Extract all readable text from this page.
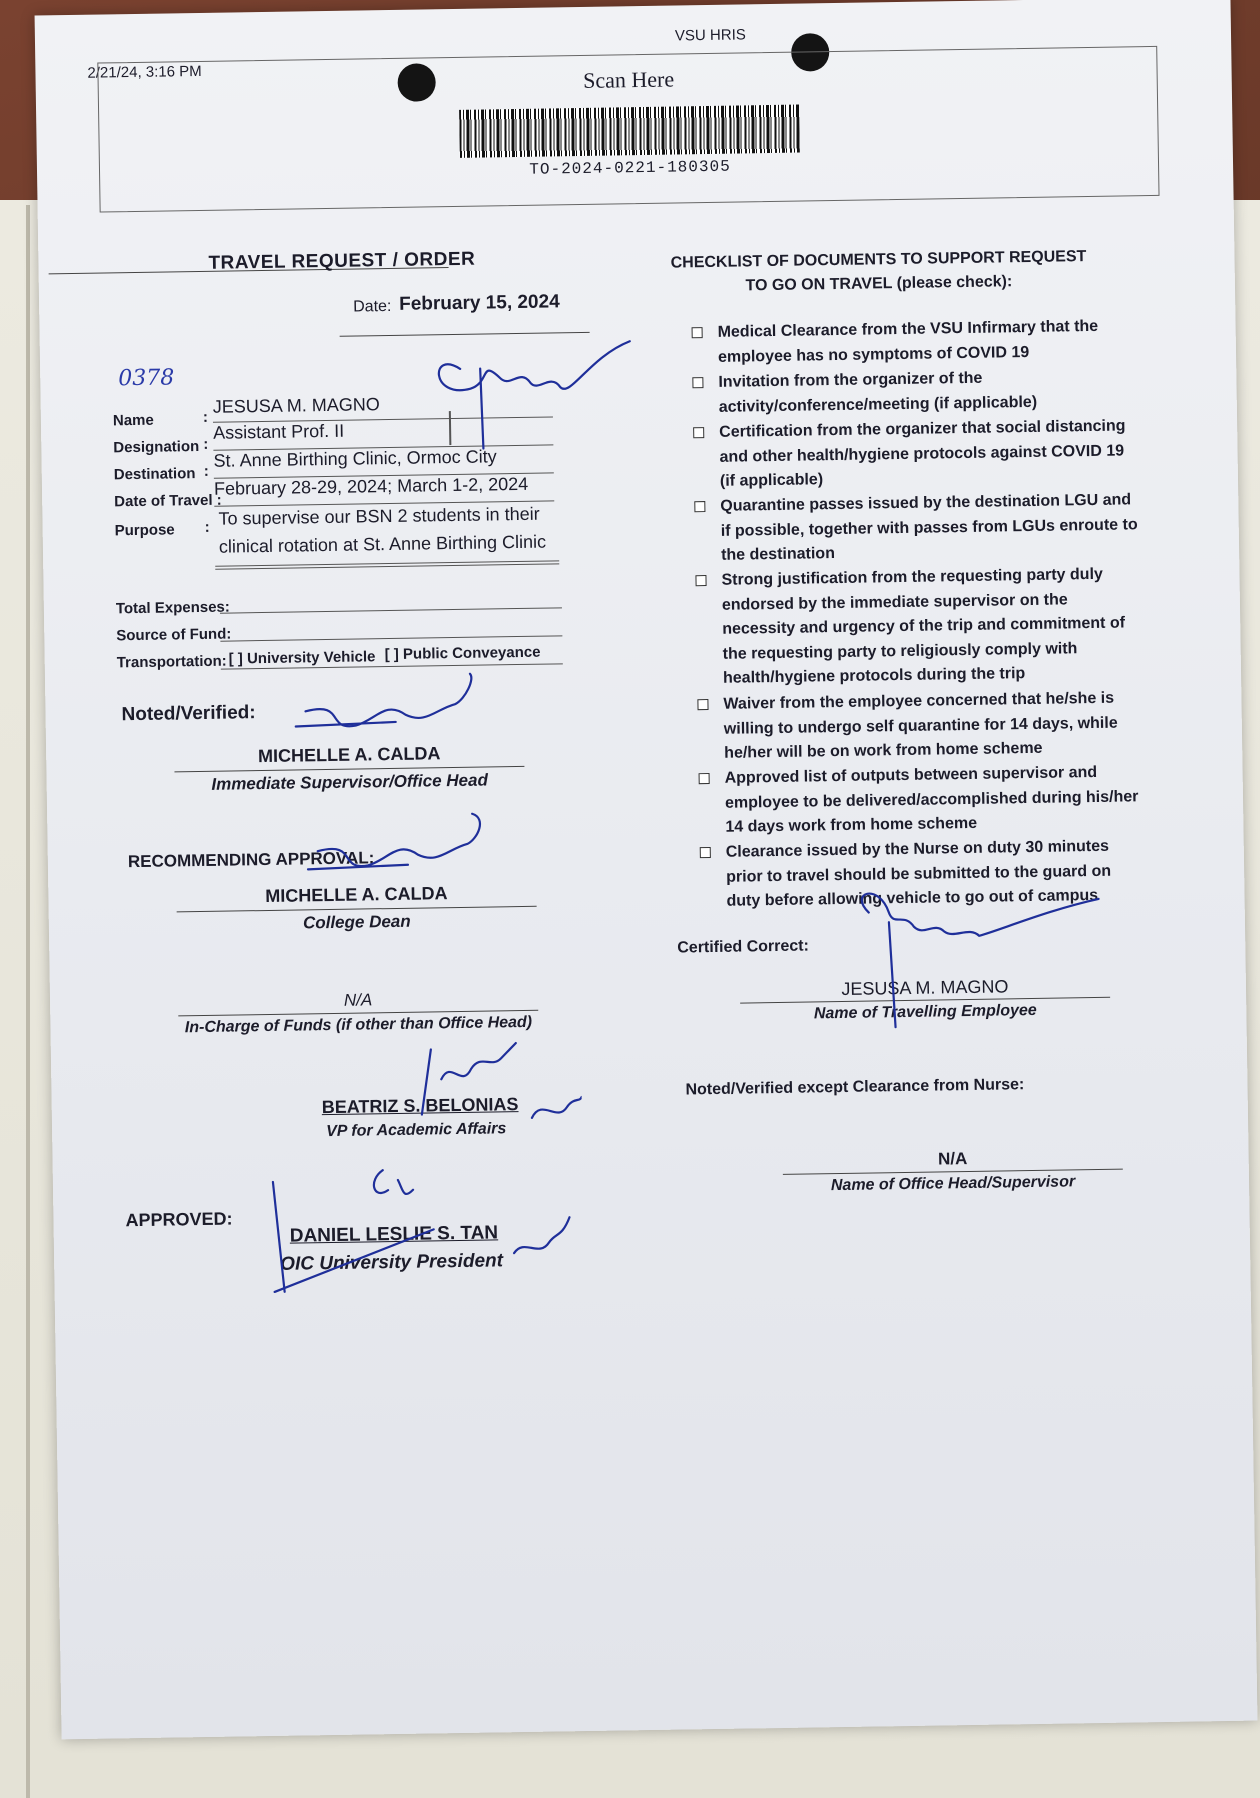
2/21/24, 3:16 PM
VSU HRIS
Scan Here
TO-2024-0221-180305
TRAVEL REQUEST / ORDER
Date: February 15, 2024
0378
Name	:
JESUSA M. MAGNO
Designation :
Assistant Prof. II
Destination :
St. Anne Birthing Clinic, Ormoc City
Date of Travel :
February 28-29, 2024; March 1-2, 2024
Purpose : To supervise our BSN 2 students in their
clinical rotation at St. Anne Birthing Clinic
Total Expenses:
Source of Fund:
Transportation: [ ] University Vehicle [ ] Public Conveyance
Noted/Verified:
MICHELLE A. CALDA
Immediate Supervisor/Office Head
RECOMMENDING APPROVAL:
MICHELLE A. CALDA
College Dean
N/A
In-Charge of Funds (if other than Office Head)
BEATRIZ S. BELONIAS
VP for Academic Affairs
APPROVED:
DANIEL LESLIE S. TAN
OIC University President
CHECKLIST OF DOCUMENTS TO SUPPORT REQUEST
TO GO ON TRAVEL (please check):
Medical Clearance from the VSU Infirmary that the employee has no symptoms of COVID 19
Invitation from the organizer of the activity/conference/meeting (if applicable)
Certification from the organizer that social distancing and other health/hygiene protocols against COVID 19 (if applicable)
Quarantine passes issued by the destination LGU and if possible, together with passes from LGUs enroute to the destination
Strong justification from the requesting party duly endorsed by the immediate supervisor on the necessity and urgency of the trip and commitment of the requesting party to religiously comply with health/hygiene protocols during the trip
Waiver from the employee concerned that he/she is willing to undergo self quarantine for 14 days, while he/her will be on work from home scheme
Approved list of outputs between supervisor and employee to be delivered/accomplished during his/her 14 days work from home scheme
Clearance issued by the Nurse on duty 30 minutes prior to travel should be submitted to the guard on duty before allowing vehicle to go out of campus
Certified Correct:
JESUSA M. MAGNO
Name of Travelling Employee
Noted/Verified except Clearance from Nurse:
N/A
Name of Office Head/Supervisor
